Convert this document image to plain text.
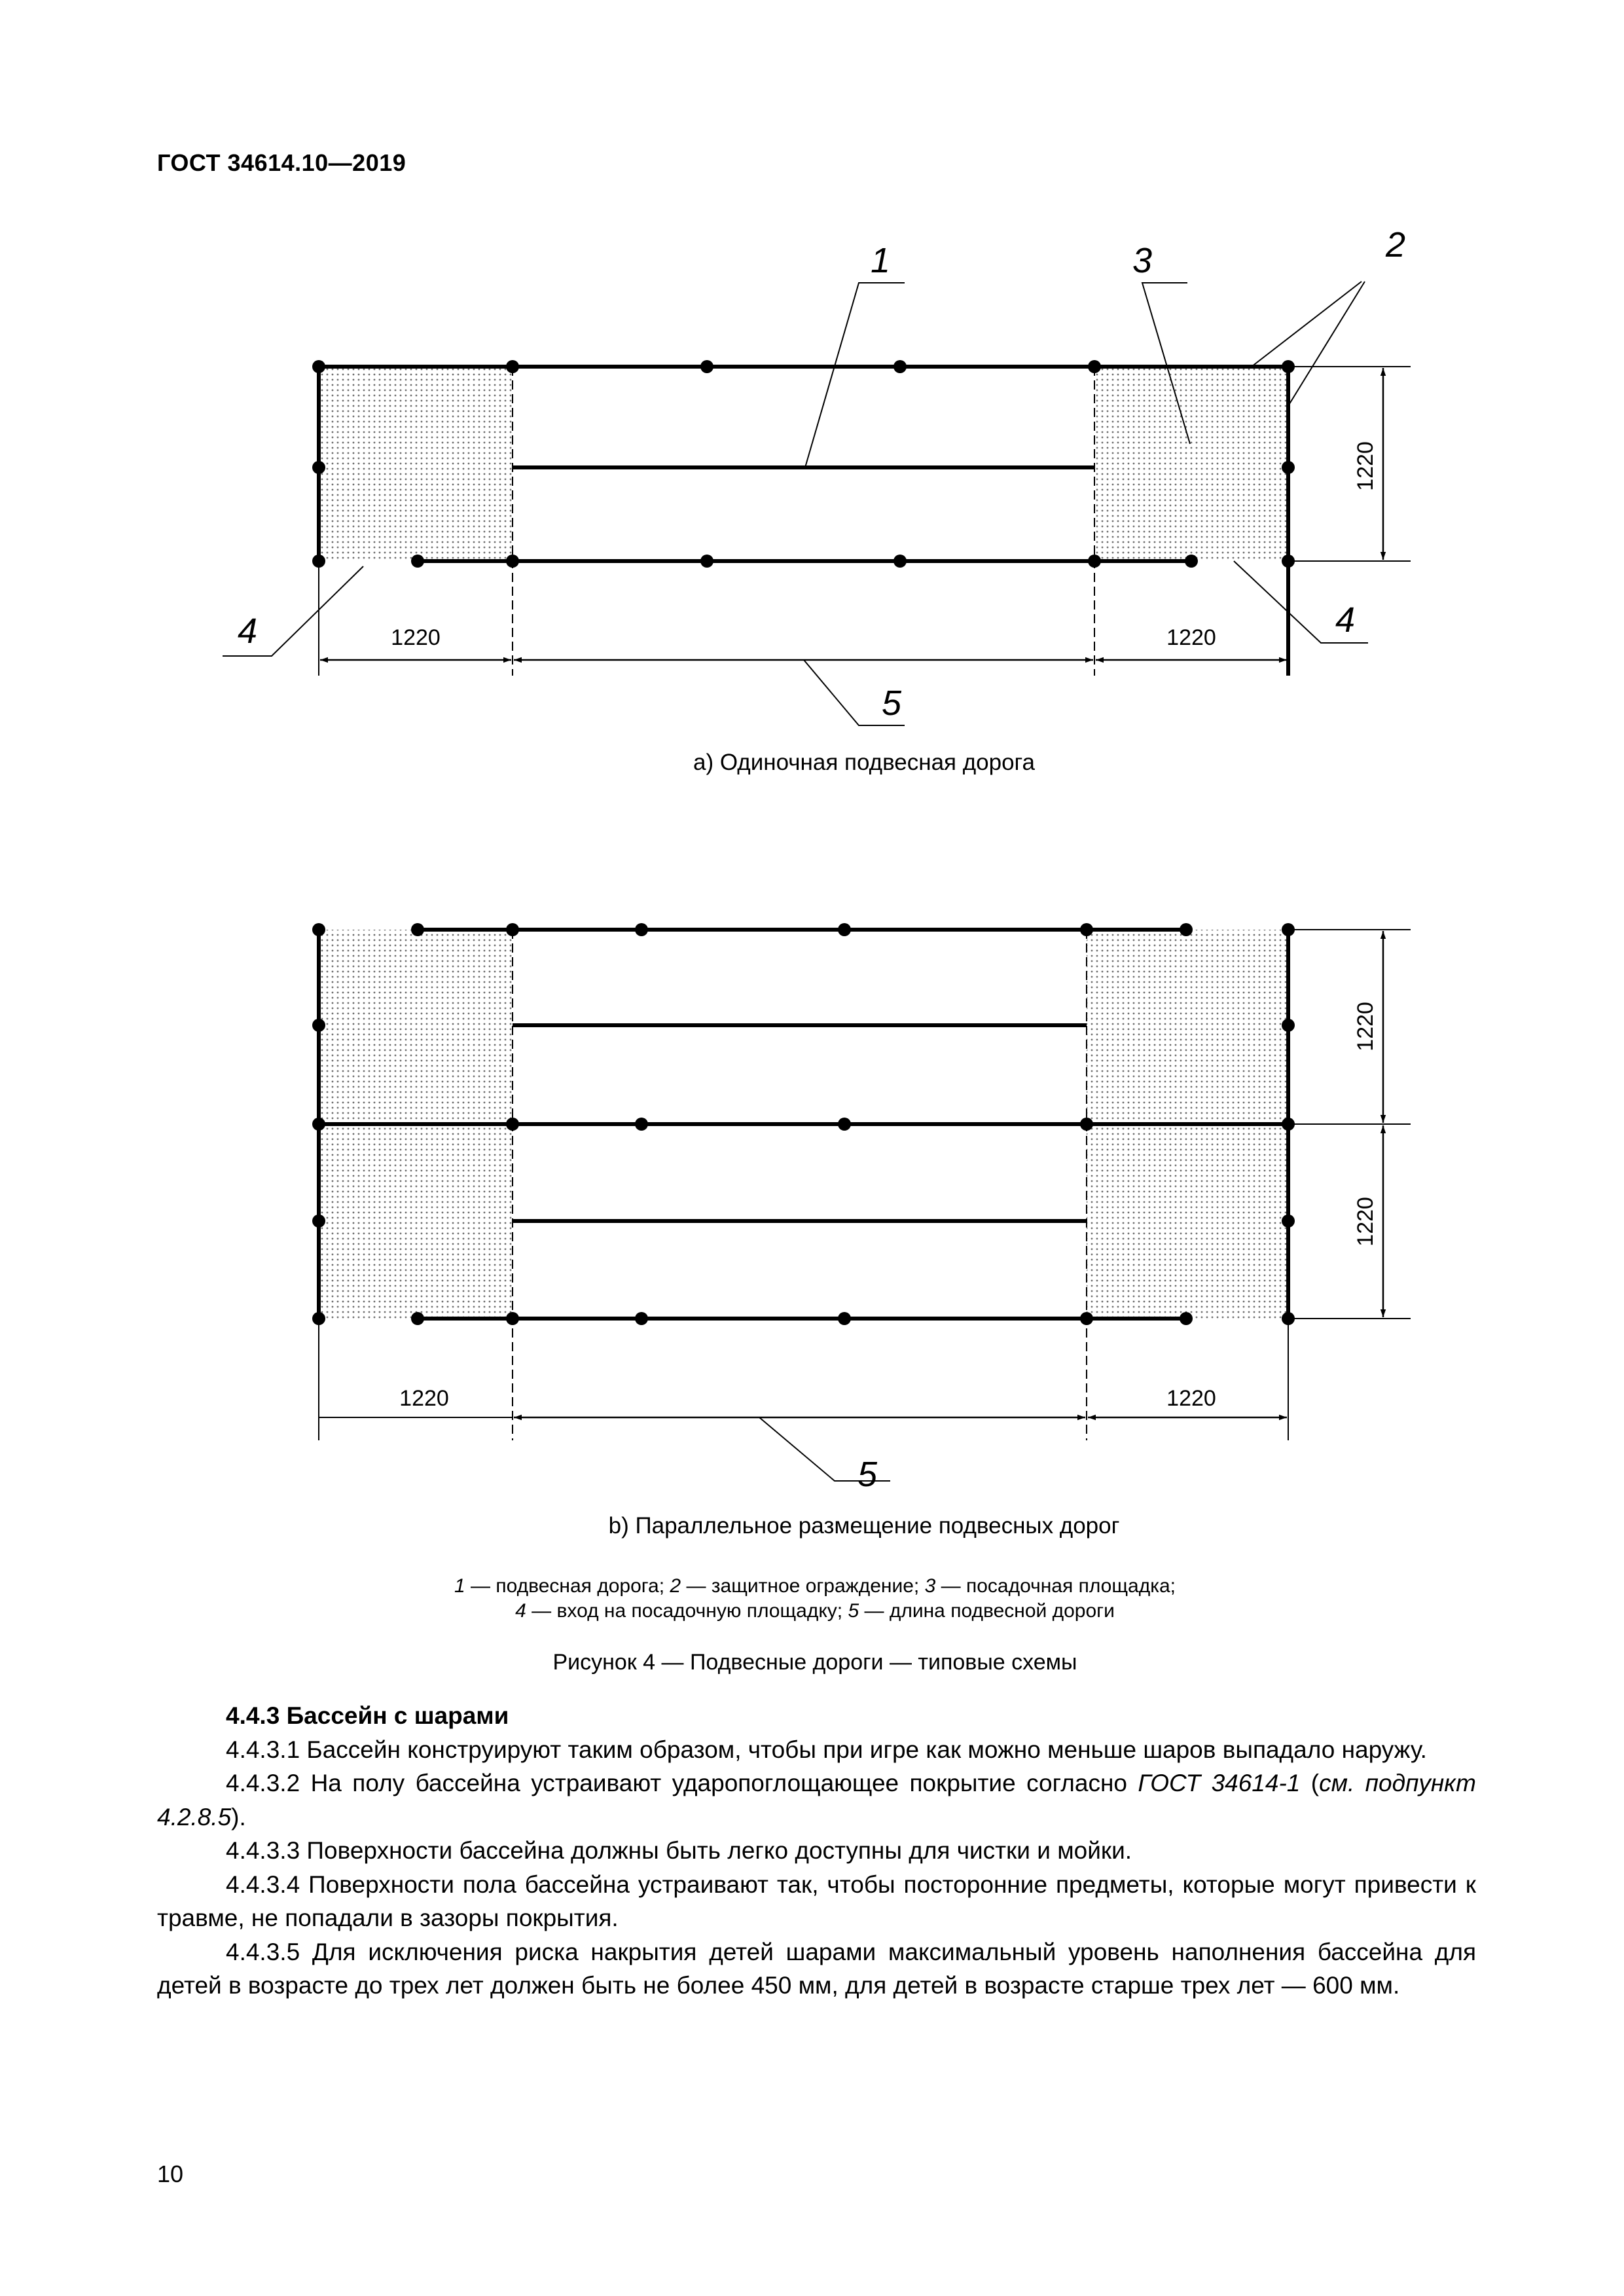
ГОСТ 34614.10—2019
1	3	2
4	4
5
1220	1220
1220
а) Одиночная подвесная дорога
1220	1220
1220
1220
5
b) Параллельное размещение подвесных дорог
1 — подвесная дорога; 2 — защитное ограждение; 3 — посадочная площадка;
4 — вход на посадочную площадку; 5 — длина подвесной дороги
Рисунок 4 — Подвесные дороги — типовые схемы

4.4.3 Бассейн с шарами

4.4.3.1 Бассейн конструируют таким образом, чтобы при игре как можно меньше шаров выпадало наружу.

4.4.3.2 На полу бассейна устраивают ударопоглощающее покрытие согласно ГОСТ 34614-1 (см. подпункт 4.2.8.5).

4.4.3.3 Поверхности бассейна должны быть легко доступны для чистки и мойки.

4.4.3.4 Поверхности пола бассейна устраивают так, чтобы посторонние предметы, которые могут привести к травме, не попадали в зазоры покрытия.

4.4.3.5 Для исключения риска накрытия детей шарами максимальный уровень наполнения бассейна для детей в возрасте до трех лет должен быть не более 450 мм, для детей в возрасте старше трех лет — 600 мм.

10
